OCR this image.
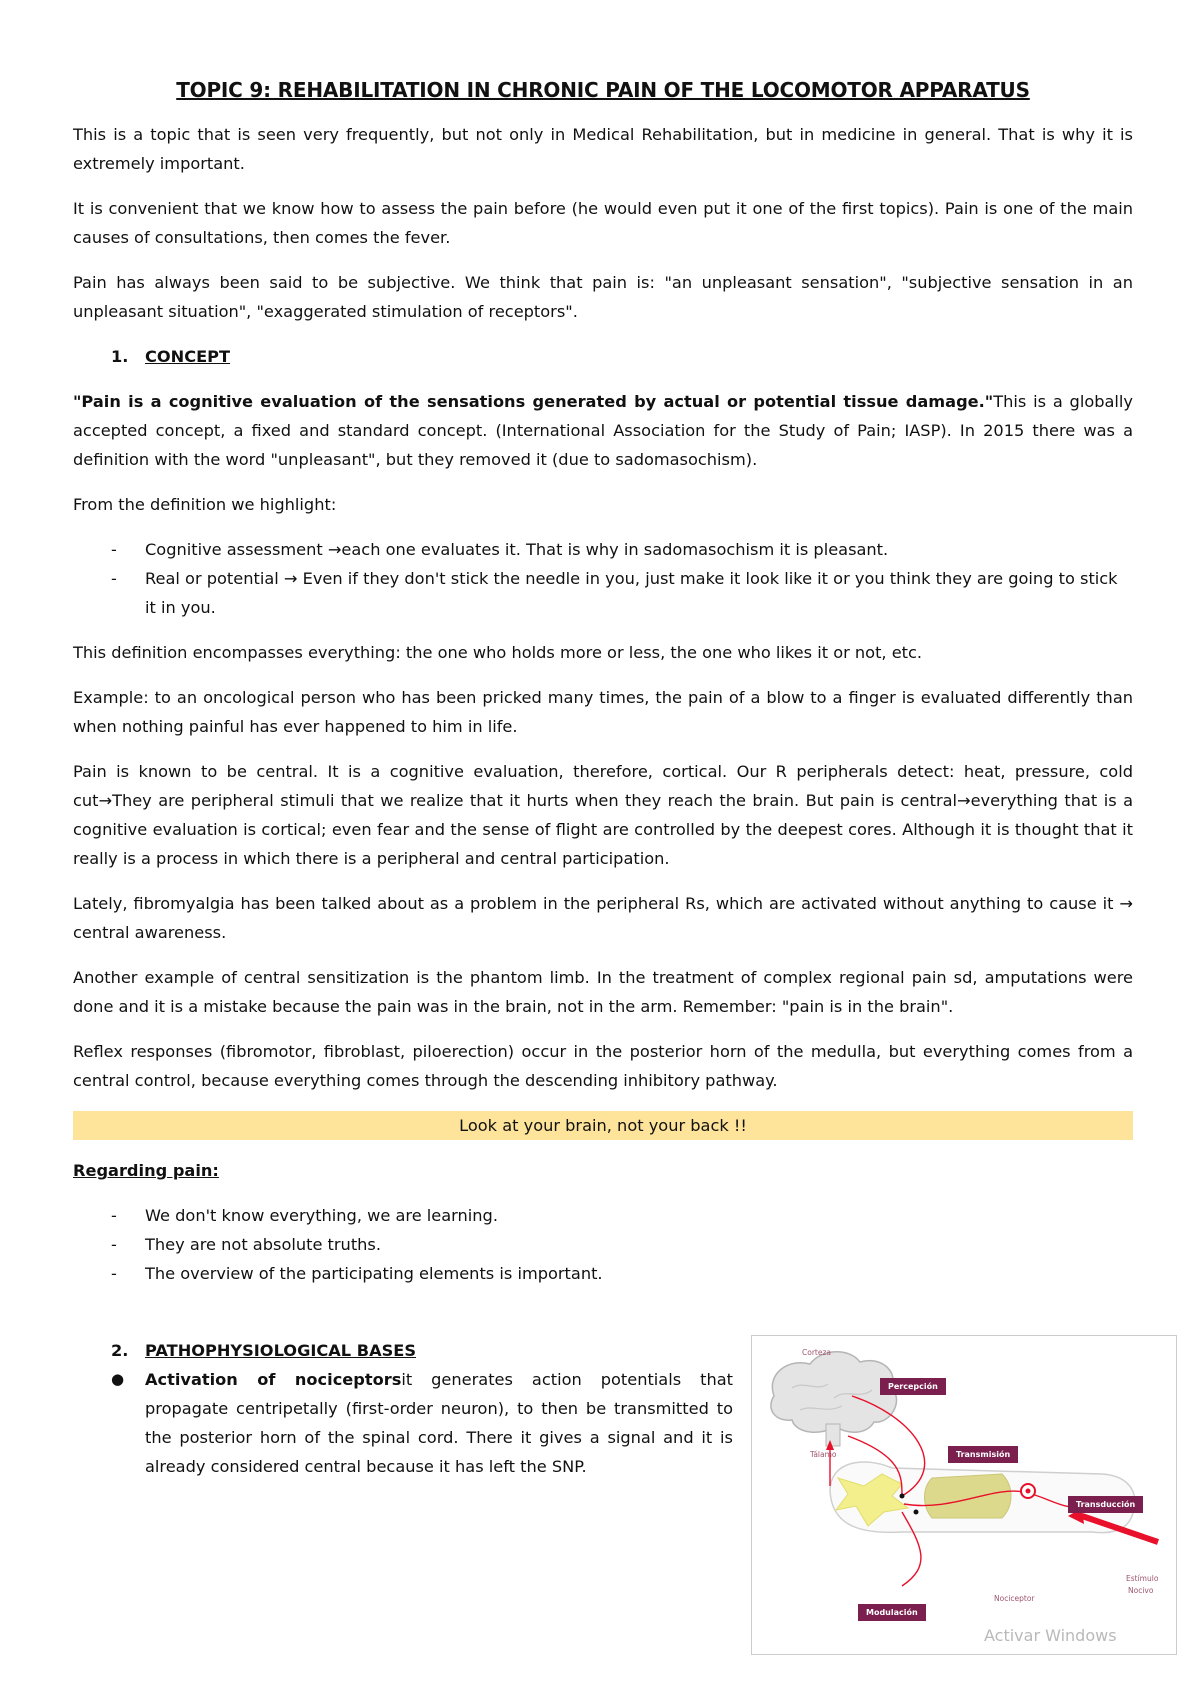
TOPIC 9: REHABILITATION IN CHRONIC PAIN OF THE LOCOMOTOR APPARATUS

This is a topic that is seen very frequently, but not only in Medical Rehabilitation, but in medicine in general. That is why it is extremely important.

It is convenient that we know how to assess the pain before (he would even put it one of the first topics). Pain is one of the main causes of consultations, then comes the fever.

Pain has always been said to be subjective. We think that pain is: "an unpleasant sensation", "subjective sensation in an unpleasant situation", "exaggerated stimulation of receptors".

1. CONCEPT

"Pain is a cognitive evaluation of the sensations generated by actual or potential tissue damage."This is a globally accepted concept, a fixed and standard concept. (International Association for the Study of Pain; IASP). In 2015 there was a definition with the word "unpleasant", but they removed it (due to sadomasochism).

From the definition we highlight:

- Cognitive assessment →each one evaluates it. That is why in sadomasochism it is pleasant.
- Real or potential → Even if they don't stick the needle in you, just make it look like it or you think they are going to stick it in you.

This definition encompasses everything: the one who holds more or less, the one who likes it or not, etc.

Example: to an oncological person who has been pricked many times, the pain of a blow to a finger is evaluated differently than when nothing painful has ever happened to him in life.

Pain is known to be central. It is a cognitive evaluation, therefore, cortical. Our R peripherals detect: heat, pressure, cold cut→They are peripheral stimuli that we realize that it hurts when they reach the brain. But pain is central→everything that is a cognitive evaluation is cortical; even fear and the sense of flight are controlled by the deepest cores. Although it is thought that it really is a process in which there is a peripheral and central participation.

Lately, fibromyalgia has been talked about as a problem in the peripheral Rs, which are activated without anything to cause it → central awareness.

Another example of central sensitization is the phantom limb. In the treatment of complex regional pain sd, amputations were done and it is a mistake because the pain was in the brain, not in the arm. Remember: "pain is in the brain".

Reflex responses (fibromotor, fibroblast, piloerection) occur in the posterior horn of the medulla, but everything comes from a central control, because everything comes through the descending inhibitory pathway.

Look at your brain, not your back !!
Regarding pain:
- We don't know everything, we are learning.
- They are not absolute truths.
- The overview of the participating elements is important.
2. PATHOPHYSIOLOGICAL BASES
● Activation of nociceptorsit generates action potentials that propagate centripetally (first-order neuron), to then be transmitted to the posterior horn of the spinal cord. There it gives a signal and it is already considered central because it has left the SNP.
Corteza
Percepción
Tálamo	Transmisión
Transducción
Modulación
Nociceptor
Estímulo
Nocivo
Activar Windows
